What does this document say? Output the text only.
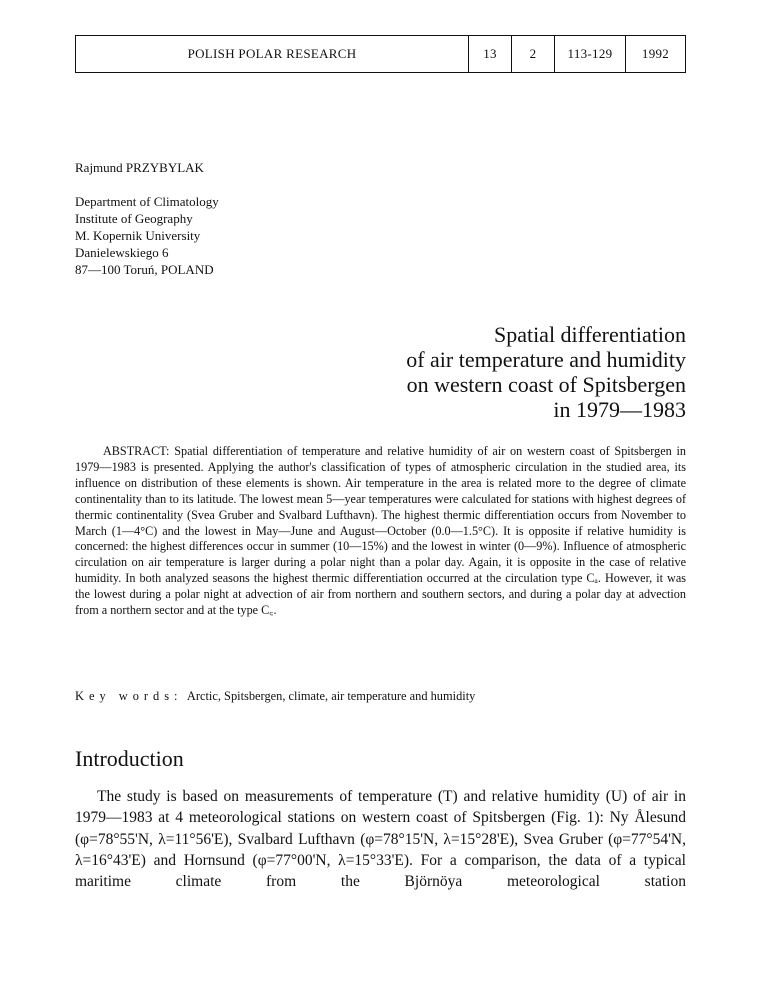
POLISH POLAR RESEARCH	13	2	113-129	1992
Rajmund PRZYBYLAK
Department of Climatology
Institute of Geography
M. Kopernik University
Danielewskiego 6
87—100 Toruń, POLAND
Spatial differentiation
of air temperature and humidity
on western coast of Spitsbergen
in 1979—1983
ABSTRACT: Spatial differentiation of temperature and relative humidity of air on western coast of Spitsbergen in 1979—1983 is presented. Applying the author's classification of types of atmospheric circulation in the studied area, its influence on distribution of these elements is shown. Air temperature in the area is related more to the degree of climate continentality than to its latitude. The lowest mean 5—year temperatures were calculated for stations with highest degrees of thermic continentality (Svea Gruber and Svalbard Lufthavn). The highest thermic differentiation occurs from November to March (1—4°C) and the lowest in May—June and August—October (0.0—1.5°C). It is opposite if relative humidity is concerned: the highest differences occur in summer (10—15%) and the lowest in winter (0—9%). Influence of atmospheric circulation on air temperature is larger during a polar night than a polar day. Again, it is opposite in the case of relative humidity. In both analyzed seasons the highest thermic differentiation occurred at the circulation type Cₐ. However, it was the lowest during a polar night at advection of air from northern and southern sectors, and during a polar day at advection from a northern sector and at the type C꜀.
Key words: Arctic, Spitsbergen, climate, air temperature and humidity
Introduction
The study is based on measurements of temperature (T) and relative humidity (U) of air in 1979—1983 at 4 meteorological stations on western coast of Spitsbergen (Fig. 1): Ny Ålesund (φ=78°55'N, λ=11°56'E), Svalbard Lufthavn (φ=78°15'N, λ=15°28'E), Svea Gruber (φ=77°54'N, λ=16°43'E) and Hornsund (φ=77°00'N, λ=15°33'E). For a comparison, the data of a typical maritime climate from the Björnöya meteorological station
